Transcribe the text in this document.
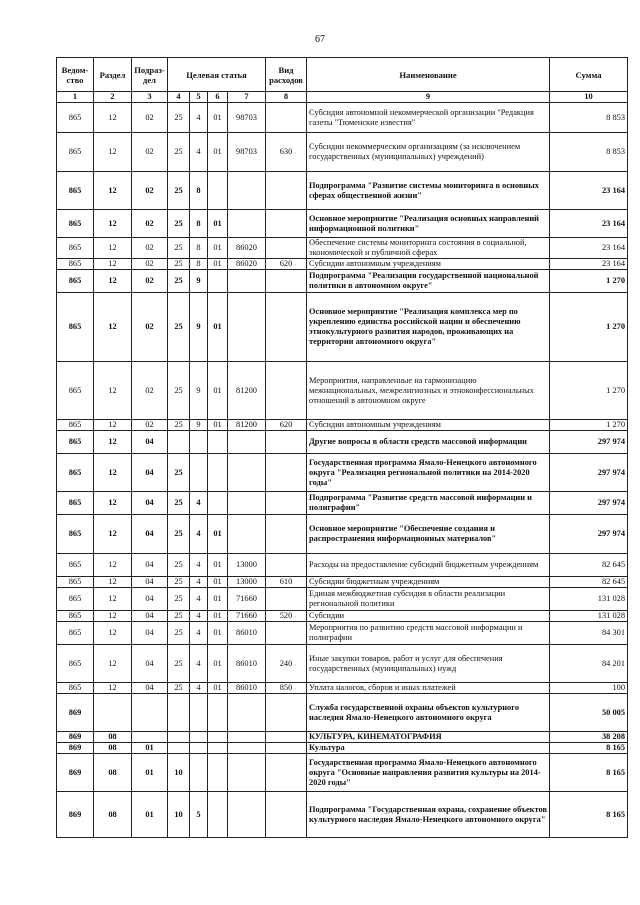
67
Ведом-ство	Раздел	Подраз-дел	Целевая статья				Вид расходов	Наименование	Сумма
1	2	3	4	5	6	7	8	9	10
865	12	02	25	4	01	98703		Субсидия автономной некоммерческой организации "Редакция газеты "Тюменские известия"	8 853
865	12	02	25	4	01	98703	630	Субсидии некоммерческим организациям (за исключением государственных (муниципальных) учреждений)	8 853
865	12	02	25	8				Подпрограмма "Развитие системы мониторинга в основных сферах общественной жизни"	23 164
865	12	02	25	8	01			Основное мероприятие "Реализация основных направлений информационной политики"	23 164
865	12	02	25	8	01	86020		Обеспечение системы мониторинга состояния в социальной, экономической и публичной сферах	23 164
865	12	02	25	8	01	86020	620	Субсидии автономным учреждениям	23 164
865	12	02	25	9				Подпрограмма "Реализация государственной национальной политики в автономном округе"	1 270
865	12	02	25	9	01			Основное мероприятие "Реализация комплекса мер по укреплению единства российской нации и обеспечению этнокультурного развития народов, проживающих на территории автономного округа"	1 270
865	12	02	25	9	01	81200		Мероприятия, направленные на гармонизацию межнациональных, межрелигиозных и этноконфессиональных отношений в автономном округе	1 270
865	12	02	25	9	01	81200	620	Субсидии автономным учреждениям	1 270
865	12	04						Другие вопросы в области средств массовой информации	297 974
865	12	04	25					Государственная программа Ямало-Ненецкого автономного округа "Реализация региональной политики на 2014-2020 годы"	297 974
865	12	04	25	4				Подпрограмма "Развитие средств массовой информации и полиграфии"	297 974
865	12	04	25	4	01			Основное мероприятие "Обеспечение создания и распространения информационных материалов"	297 974
865	12	04	25	4	01	13000		Расходы на предоставление субсидий бюджетным учреждениям	82 645
865	12	04	25	4	01	13000	610	Субсидии бюджетным учреждениям	82 645
865	12	04	25	4	01	71660		Единая межбюджетная субсидия в области реализации региональной политики	131 028
865	12	04	25	4	01	71660	520	Субсидии	131 028
865	12	04	25	4	01	86010		Мероприятия по развитию средств массовой информации и полиграфии	84 301
865	12	04	25	4	01	86010	240	Иные закупки товаров, работ и услуг для обеспечения государственных (муниципальных) нужд	84 201
865	12	04	25	4	01	86010	850	Уплата налогов, сборов и иных платежей	100
869								Служба государственной охраны объектов культурного наследия Ямало-Ненецкого автономного округа	50 005
869	08							КУЛЬТУРА, КИНЕМАТОГРАФИЯ	38 208
869	08	01						Культура	8 165
869	08	01	10					Государственная программа Ямало-Ненецкого автономного округа "Основные направления развития культуры на 2014-2020 годы"	8 165
869	08	01	10	5				Подпрограмма "Государственная охрана, сохранение объектов культурного наследия Ямало-Ненецкого автономного округа"	8 165
